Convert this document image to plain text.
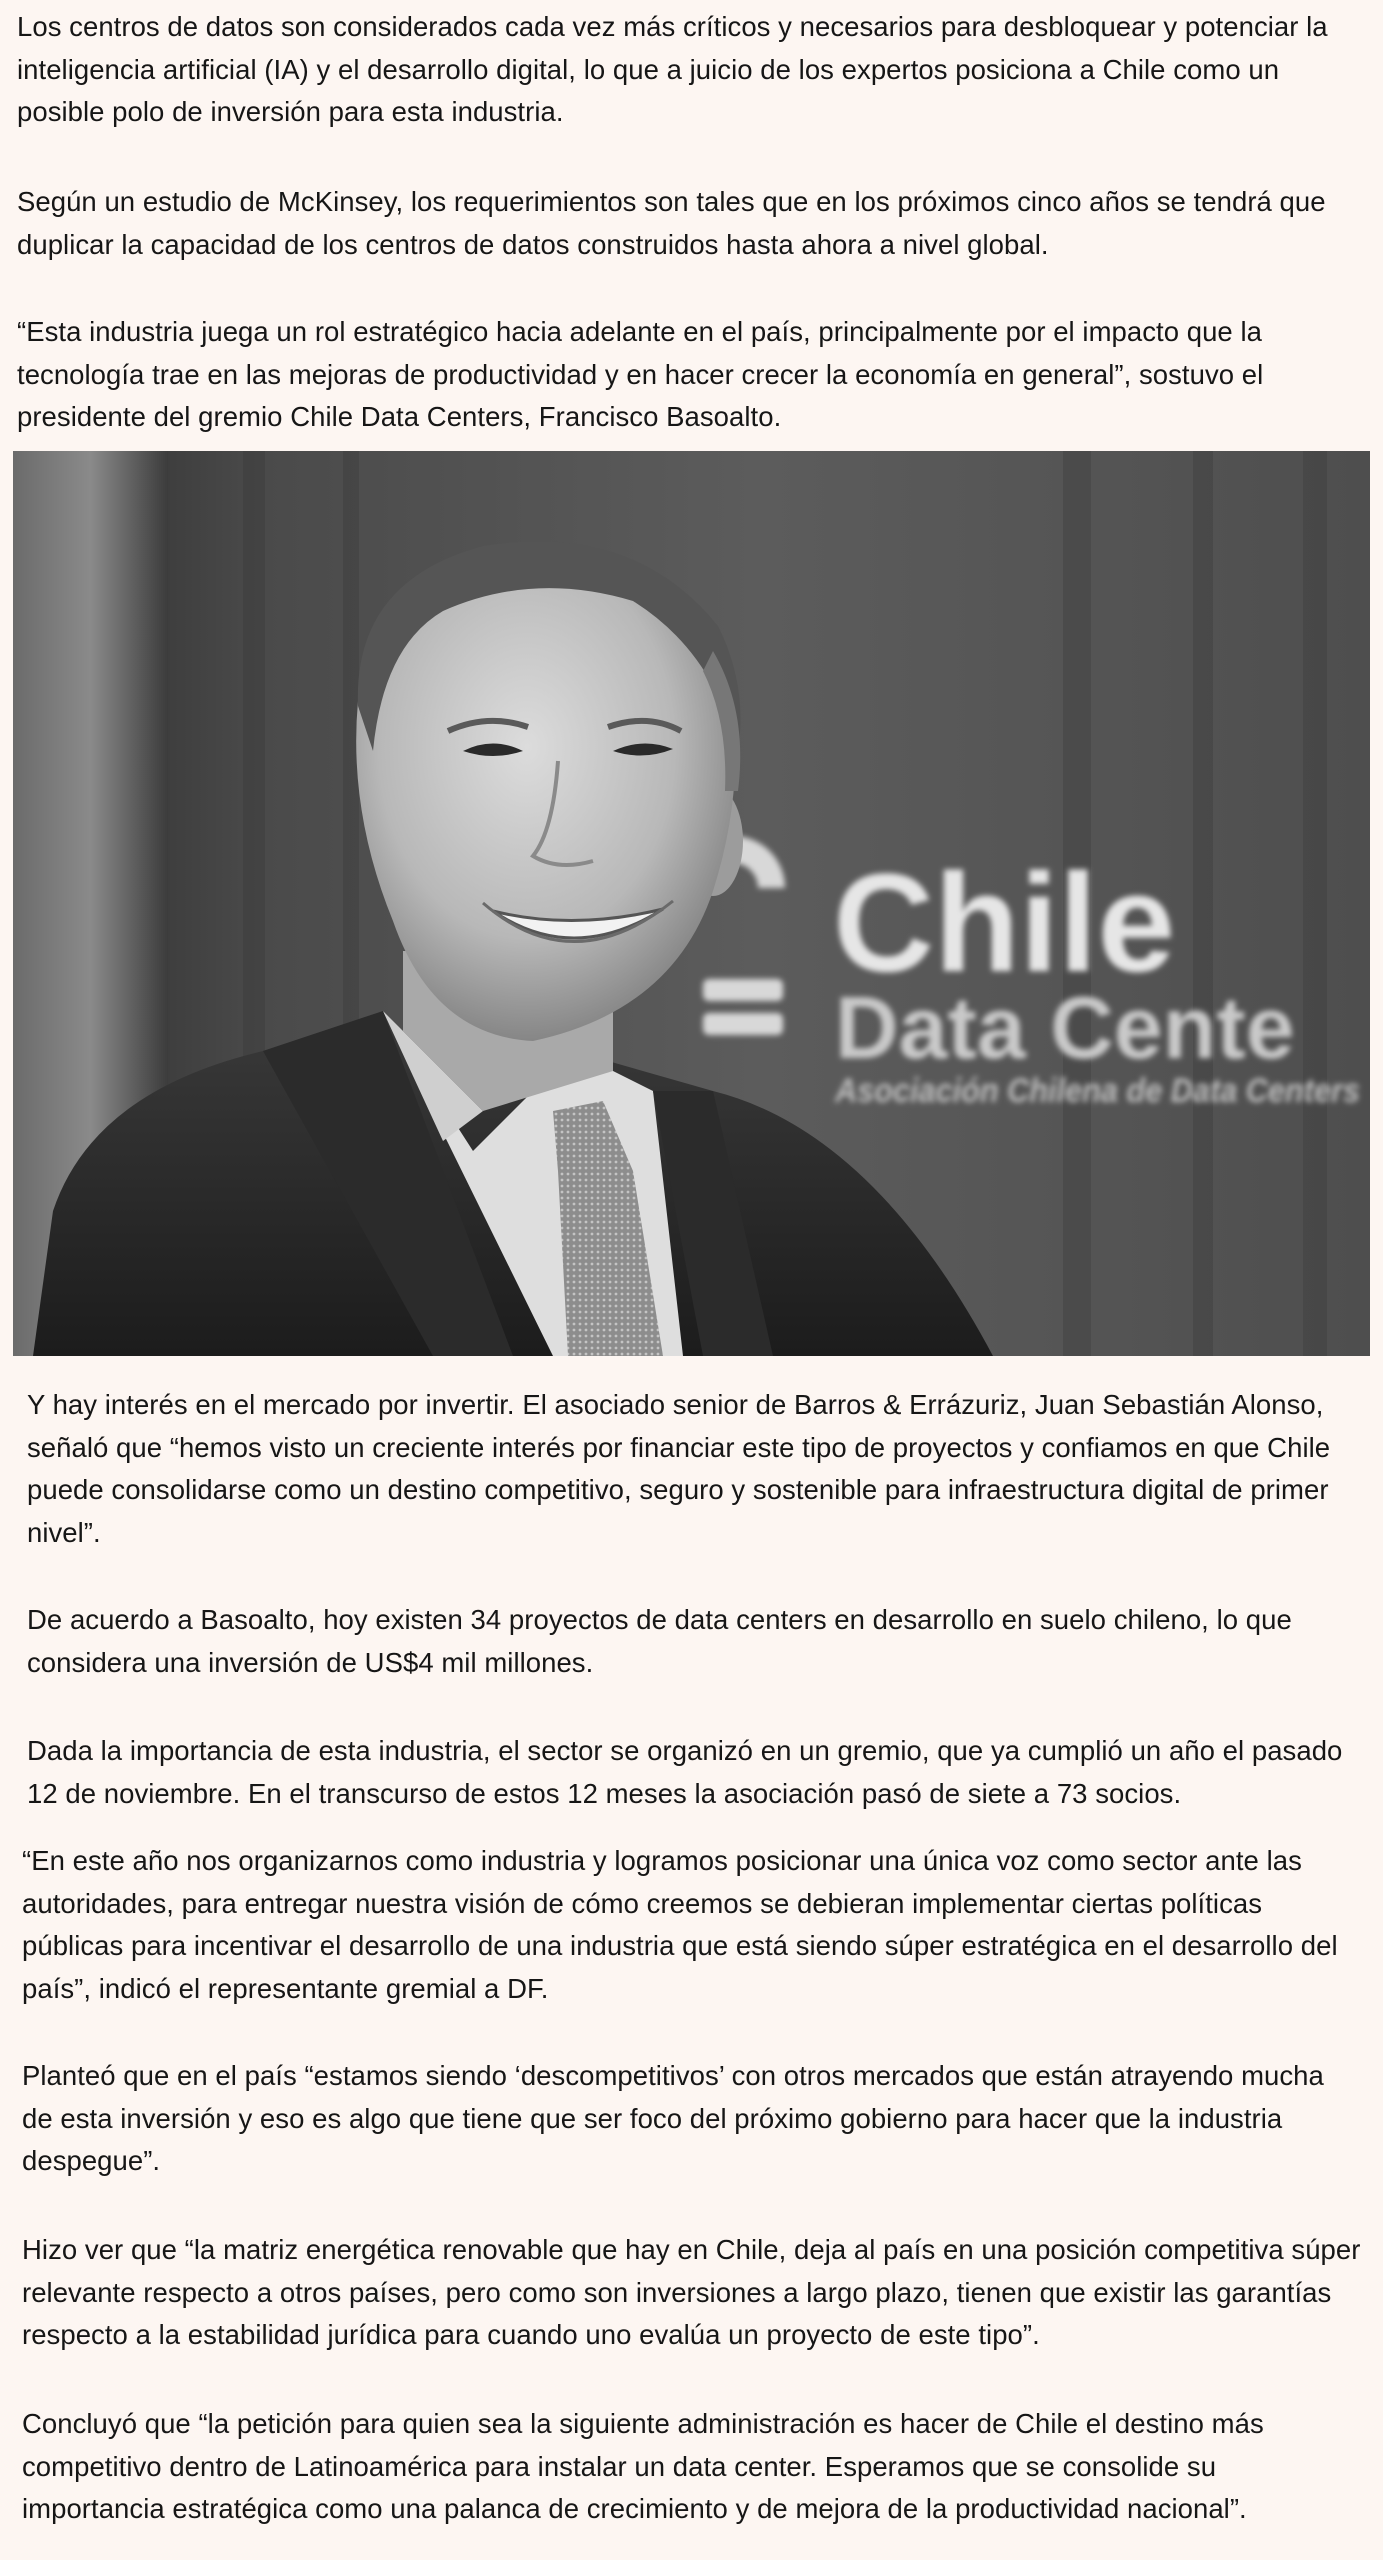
Los centros de datos son considerados cada vez más críticos y necesarios para desbloquear y potenciar la
inteligencia artificial (IA) y el desarrollo digital, lo que a juicio de los expertos posiciona a Chile como un
posible polo de inversión para esta industria.

Según un estudio de McKinsey, los requerimientos son tales que en los próximos cinco años se tendrá que
duplicar la capacidad de los centros de datos construidos hasta ahora a nivel global.

“Esta industria juega un rol estratégico hacia adelante en el país, principalmente por el impacto que la
tecnología trae en las mejoras de productividad y en hacer crecer la economía en general”, sostuvo el
presidente del gremio Chile Data Centers, Francisco Basoalto.

Chile
Data Cente
Asociación Chilena de Data Centers

Y hay interés en el mercado por invertir. El asociado senior de Barros & Errázuriz, Juan Sebastián Alonso,
señaló que “hemos visto un creciente interés por financiar este tipo de proyectos y confiamos en que Chile
puede consolidarse como un destino competitivo, seguro y sostenible para infraestructura digital de primer
nivel”.

De acuerdo a Basoalto, hoy existen 34 proyectos de data centers en desarrollo en suelo chileno, lo que
considera una inversión de US$4 mil millones.

Dada la importancia de esta industria, el sector se organizó en un gremio, que ya cumplió un año el pasado
12 de noviembre. En el transcurso de estos 12 meses la asociación pasó de siete a 73 socios.

“En este año nos organizarnos como industria y logramos posicionar una única voz como sector ante las
autoridades, para entregar nuestra visión de cómo creemos se debieran implementar ciertas políticas
públicas para incentivar el desarrollo de una industria que está siendo súper estratégica en el desarrollo del
país”, indicó el representante gremial a DF.

Planteó que en el país “estamos siendo ‘descompetitivos’ con otros mercados que están atrayendo mucha
de esta inversión y eso es algo que tiene que ser foco del próximo gobierno para hacer que la industria
despegue”.

Hizo ver que “la matriz energética renovable que hay en Chile, deja al país en una posición competitiva súper
relevante respecto a otros países, pero como son inversiones a largo plazo, tienen que existir las garantías
respecto a la estabilidad jurídica para cuando uno evalúa un proyecto de este tipo”.

Concluyó que “la petición para quien sea la siguiente administración es hacer de Chile el destino más
competitivo dentro de Latinoamérica para instalar un data center. Esperamos que se consolide su
importancia estratégica como una palanca de crecimiento y de mejora de la productividad nacional”.
